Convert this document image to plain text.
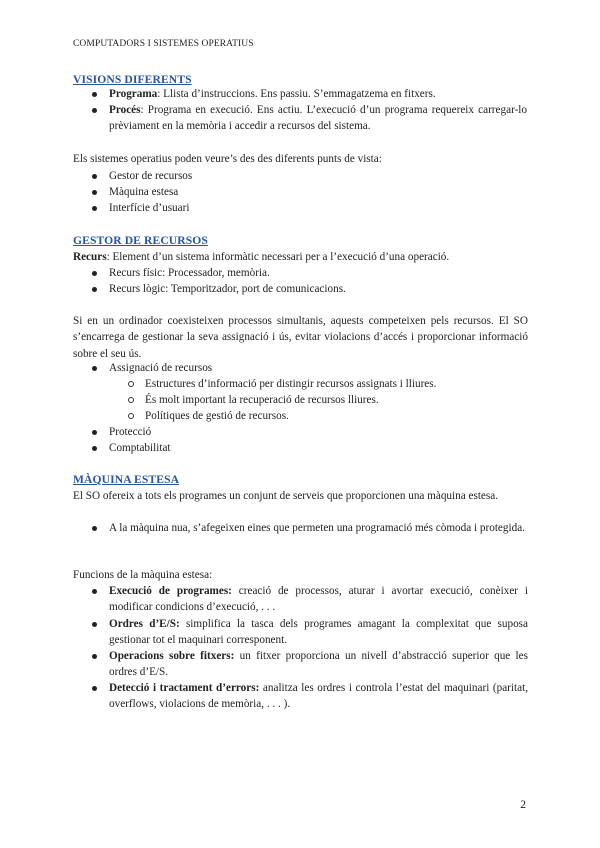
COMPUTADORS I SISTEMES OPERATIUS
VISIONS DIFERENTS
Programa: Llista d’instruccions. Ens passiu. S’emmagatzema en fitxers.
Procés: Programa en execució. Ens actiu. L’execució d’un programa requereix carregar-lo prèviament en la memòria i accedir a recursos del sistema.
Els sistemes operatius poden veure’s des des diferents punts de vista:
Gestor de recursos
Màquina estesa
Interfície d’usuari
GESTOR DE RECURSOS
Recurs: Element d’un sistema informàtic necessari per a l’execució d’una operació.
Recurs físic: Processador, memòria.
Recurs lògic: Temporitzador, port de comunicacions.
Si en un ordinador coexisteixen processos simultanis, aquests competeixen pels recursos. El SO s’encarrega de gestionar la seva assignació i ús, evitar violacions d’accés i proporcionar informació sobre el seu ús.
Assignació de recursos
Estructures d’informació per distingir recursos assignats i lliures.
És molt important la recuperació de recursos lliures.
Polítiques de gestió de recursos.
Protecció
Comptabilitat
MÀQUINA ESTESA
El SO ofereix a tots els programes un conjunt de serveis que proporcionen una màquina estesa.
A la màquina nua, s’afegeixen eines que permeten una programació més còmoda i protegida.
Funcions de la màquina estesa:
Execució de programes: creació de processos, aturar i avortar execució, conèixer i modificar condicions d’execució, . . .
Ordres d’E/S: simplifica la tasca dels programes amagant la complexitat que suposa gestionar tot el maquinari corresponent.
Operacions sobre fitxers: un fitxer proporciona un nivell d’abstracció superior que les ordres d’E/S.
Detecció i tractament d’errors: analitza les ordres i controla l’estat del maquinari (paritat, overflows, violacions de memòria, . . . ).
2
